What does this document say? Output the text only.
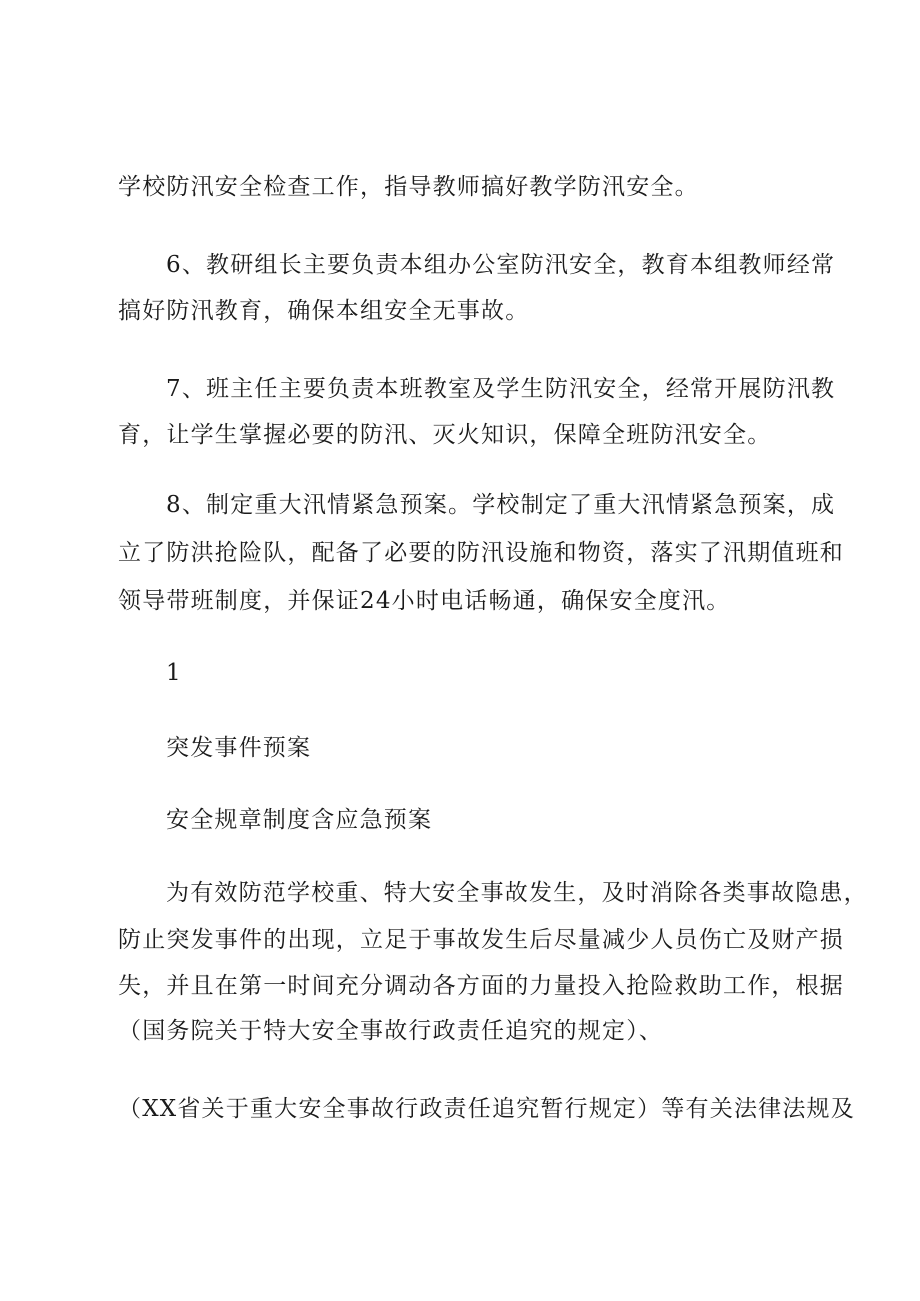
学校防汛安全检查工作，指导教师搞好教学防汛安全。
6、教研组长主要负责本组办公室防汛安全，教育本组教师经常
搞好防汛教育，确保本组安全无事故。
7、班主任主要负责本班教室及学生防汛安全，经常开展防汛教
育，让学生掌握必要的防汛、灭火知识，保障全班防汛安全。
8、制定重大汛情紧急预案。学校制定了重大汛情紧急预案，成
立了防洪抢险队，配备了必要的防汛设施和物资，落实了汛期值班和
领导带班制度，并保证24小时电话畅通，确保安全度汛。
1
突发事件预案
安全规章制度含应急预案
为有效防范学校重、特大安全事故发生，及时消除各类事故隐患，
防止突发事件的出现，立足于事故发生后尽量减少人员伤亡及财产损
失，并且在第一时间充分调动各方面的力量投入抢险救助工作，根据
（国务院关于特大安全事故行政责任追究的规定）、
（XX省关于重大安全事故行政责任追究暂行规定）等有关法律法规及
